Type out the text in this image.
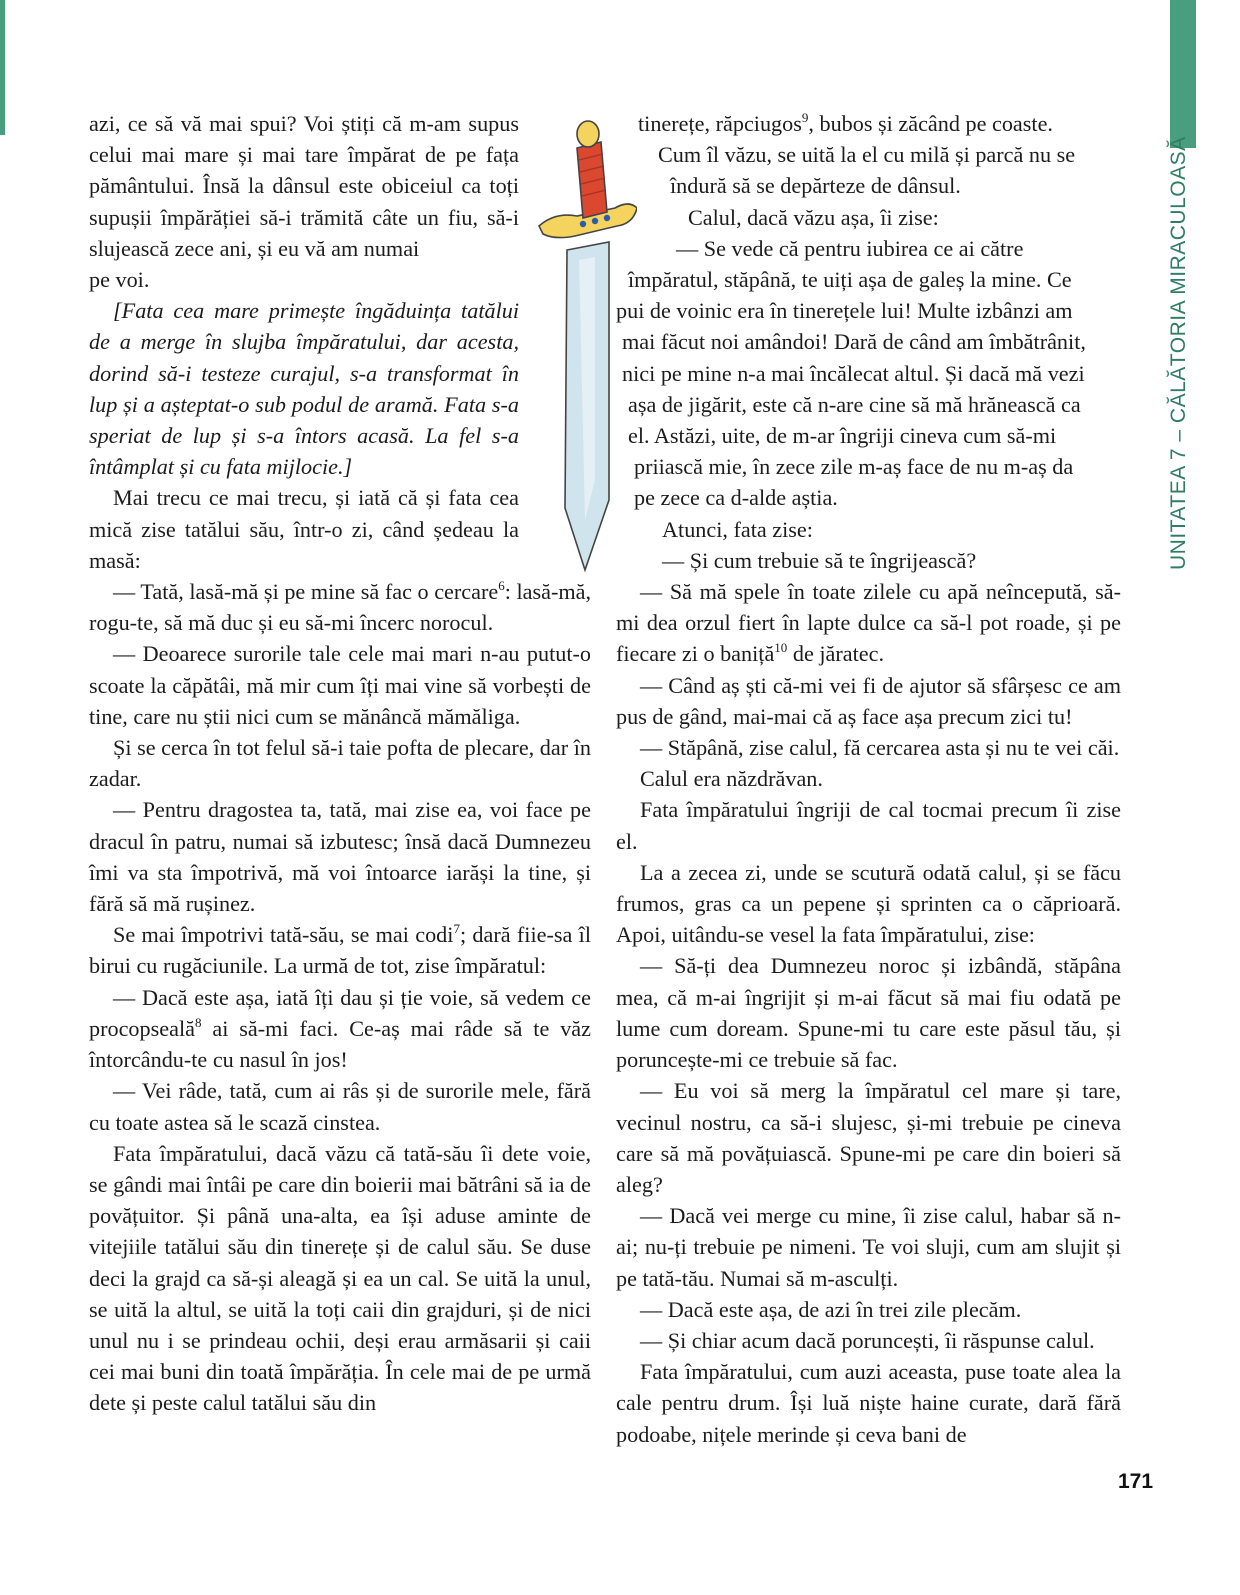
UNITATEA 7 – CĂLĂTORIA MIRACULOASĂ

azi, ce să vă mai spui? Voi știți că m-am supus celui mai mare și mai tare împărat de pe fața pământului. Însă la dânsul este obiceiul ca toți supușii împărăției să-i trămită câte un fiu, să-i slujească zece ani, și eu vă am numai

pe voi.

[Fata cea mare primește îngăduința tatălui de a merge în slujba împăratului, dar acesta, dorind să-i testeze curajul, s-a transformat în lup și a așteptat-o sub podul de aramă. Fata s-a speriat de lup și s-a întors acasă. La fel s-a întâmplat și cu fata mijlocie.]

Mai trecu ce mai trecu, și iată că și fata cea mică zise tatălui său, într-o zi, când ședeau la masă:

— Tată, lasă-mă și pe mine să fac o cercare$^6$: lasă-mă, rogu-te, să mă duc și eu să-mi încerc norocul.

— Deoarece surorile tale cele mai mari n-au putut-o scoate la căpătâi, mă mir cum îți mai vine să vorbești de tine, care nu știi nici cum se mănâncă mămăliga.

Și se cerca în tot felul să-i taie pofta de plecare, dar în zadar.

— Pentru dragostea ta, tată, mai zise ea, voi face pe dracul în patru, numai să izbutesc; însă dacă Dumnezeu îmi va sta împotrivă, mă voi întoarce iarăși la tine, și fără să mă rușinez.

Se mai împotrivi tată-său, se mai codi$^7$; dară fiie-sa îl birui cu rugăciunile. La urmă de tot, zise împăratul:

— Dacă este așa, iată îți dau și ție voie, să vedem ce procopseală$^8$ ai să-mi faci. Ce-aș mai râde să te văz întorcându-te cu nasul în jos!

— Vei râde, tată, cum ai râs și de surorile mele, fără cu toate astea să le scază cinstea.

Fata împăratului, dacă văzu că tată-său îi dete voie, se gândi mai întâi pe care din boierii mai bătrâni să ia de povățuitor. Și până una-alta, ea își aduse aminte de vitejiile tatălui său din tinerețe și de calul său. Se duse deci la grajd ca să-și aleagă și ea un cal. Se uită la unul, se uită la altul, se uită la toți caii din grajduri, și de nici unul nu i se prindeau ochii, deși erau armăsarii și caii cei mai buni din toată împărăția. În cele mai de pe urmă dete și peste calul tatălui său din

tinerețe, răpciugos$^9$, bubos și zăcând pe coaste.

Cum îl văzu, se uită la el cu milă și parcă nu se

îndură să se depărteze de dânsul.

Calul, dacă văzu așa, îi zise:

— Se vede că pentru iubirea ce ai către

împăratul, stăpână, te uiți așa de galeș la mine. Ce

pui de voinic era în tinerețele lui! Multe izbânzi am

mai făcut noi amândoi! Dară de când am îmbătrânit,

nici pe mine n-a mai încălecat altul. Și dacă mă vezi

așa de jigărit, este că n-are cine să mă hrănească ca

el. Astăzi, uite, de m-ar îngriji cineva cum să-mi

priiască mie, în zece zile m-aș face de nu m-aș da

pe zece ca d-alde aștia.

Atunci, fata zise:

— Și cum trebuie să te îngrijească?

— Să mă spele în toate zilele cu apă neîncepută, să-mi dea orzul fiert în lapte dulce ca să-l pot roade, și pe fiecare zi o baniță$^{10}$ de jăratec.

— Când aș ști că-mi vei fi de ajutor să sfârșesc ce am pus de gând, mai-mai că aș face așa precum zici tu!

— Stăpână, zise calul, fă cercarea asta și nu te vei căi.

Calul era năzdrăvan.

Fata împăratului îngriji de cal tocmai precum îi zise el.

La a zecea zi, unde se scutură odată calul, și se făcu frumos, gras ca un pepene și sprinten ca o căprioară. Apoi, uitându-se vesel la fata împăratului, zise:

— Să-ți dea Dumnezeu noroc și izbândă, stăpâna mea, că m-ai îngrijit și m-ai făcut să mai fiu odată pe lume cum doream. Spune-mi tu care este păsul tău, și poruncește-mi ce trebuie să fac.

— Eu voi să merg la împăratul cel mare și tare, vecinul nostru, ca să-i slujesc, și-mi trebuie pe cineva care să mă povățuiască. Spune-mi pe care din boieri să aleg?

— Dacă vei merge cu mine, îi zise calul, habar să n-ai; nu-ți trebuie pe nimeni. Te voi sluji, cum am slujit și pe tată-tău. Numai să m-asculți.

— Dacă este așa, de azi în trei zile plecăm.

— Și chiar acum dacă poruncești, îi răspunse calul.

Fata împăratului, cum auzi aceasta, puse toate alea la cale pentru drum. Își luă niște haine curate, dară fără podoabe, nițele merinde și ceva bani de

171
